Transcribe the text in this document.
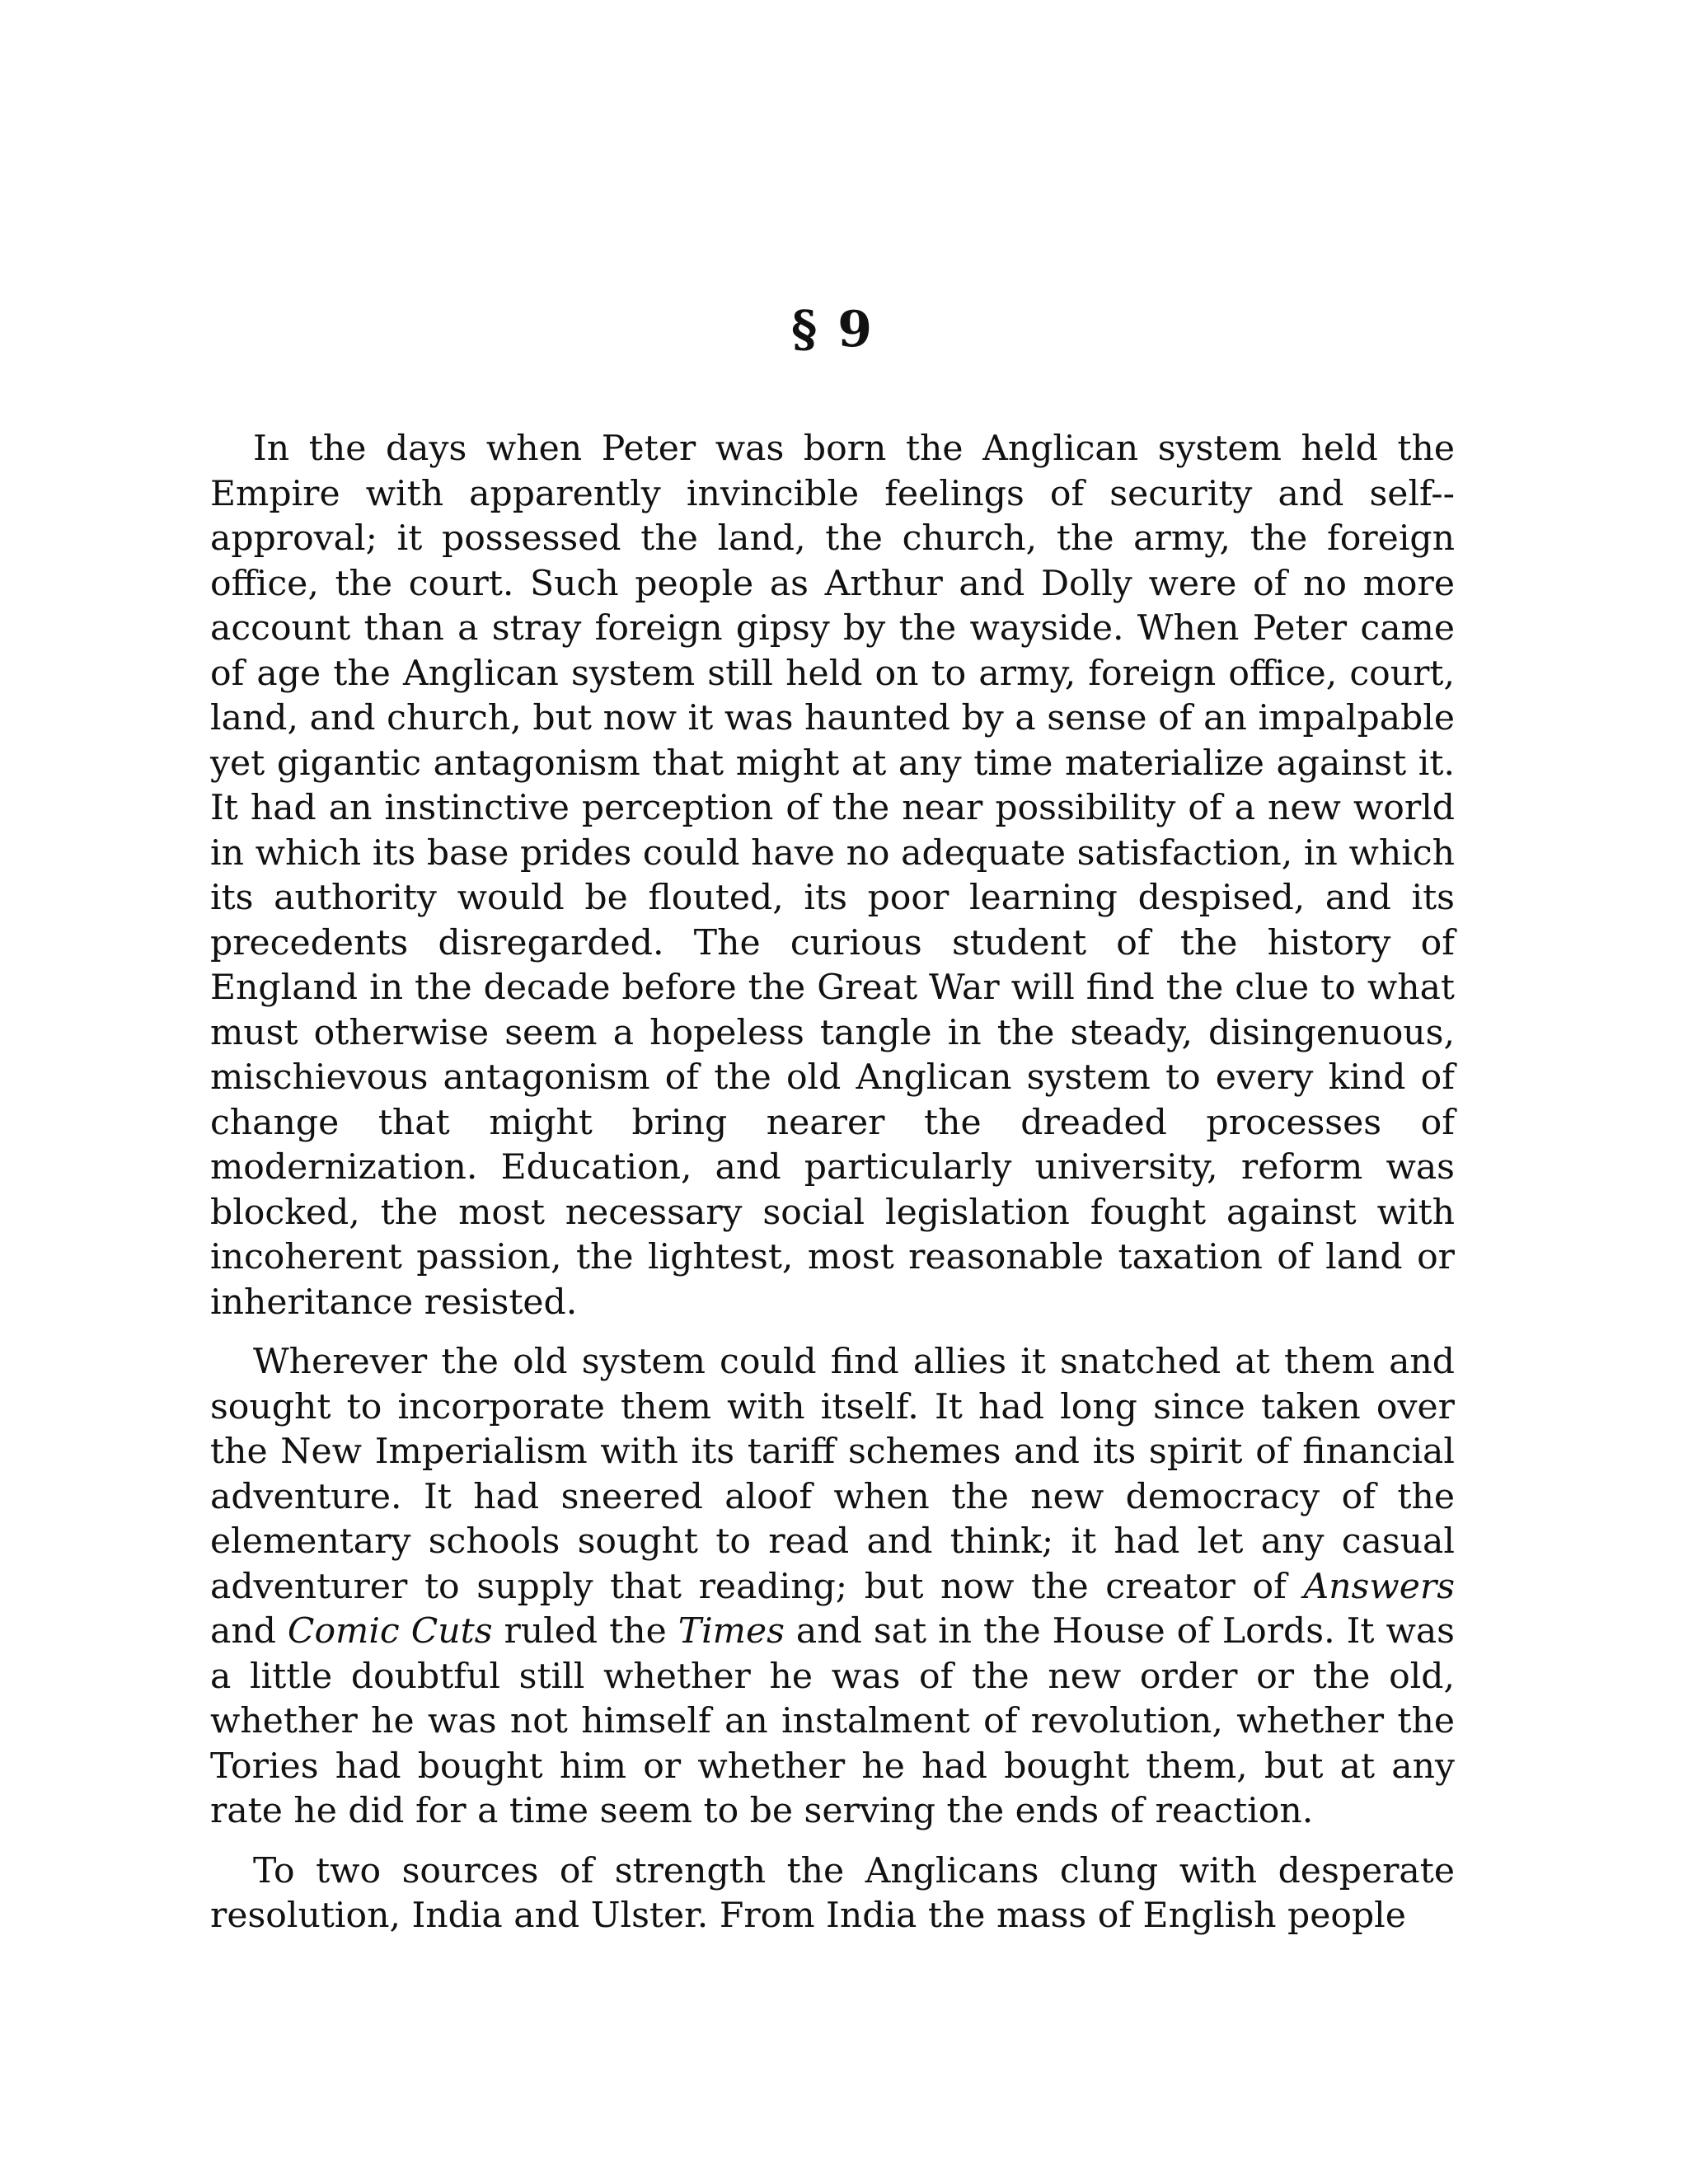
§ 9

In the days when Peter was born the Anglican system held the Empire with apparently invincible feelings of security and self-approval; it possessed the land, the church, the army, the foreign office, the court. Such people as Arthur and Dolly were of no more account than a stray foreign gipsy by the wayside. When Peter came of age the Anglican system still held on to army, foreign office, court, land, and church, but now it was haunted by a sense of an impalpable yet gigantic antagonism that might at any time materialize against it. It had an instinctive perception of the near possibility of a new world in which its base prides could have no adequate satisfaction, in which its authority would be flouted, its poor learning despised, and its precedents disregarded. The curious student of the history of England in the decade before the Great War will find the clue to what must otherwise seem a hopeless tangle in the steady, disingenuous, mischievous antagonism of the old Anglican system to every kind of change that might bring nearer the dreaded processes of modernization. Education, and particularly university, reform was blocked, the most necessary social legislation fought against with incoherent passion, the lightest, most reasonable taxation of land or inheritance resisted.

Wherever the old system could find allies it snatched at them and sought to incorporate them with itself. It had long since taken over the New Imperialism with its tariff schemes and its spirit of financial adventure. It had sneered aloof when the new democracy of the elementary schools sought to read and think; it had let any casual adventurer to supply that reading; but now the creator of Answers and Comic Cuts ruled the Times and sat in the House of Lords. It was a little doubtful still whether he was of the new order or the old, whether he was not himself an instalment of revolution, whether the Tories had bought him or whether he had bought them, but at any rate he did for a time seem to be serving the ends of reaction.

To two sources of strength the Anglicans clung with desperate resolution, India and Ulster. From India the mass of English people
